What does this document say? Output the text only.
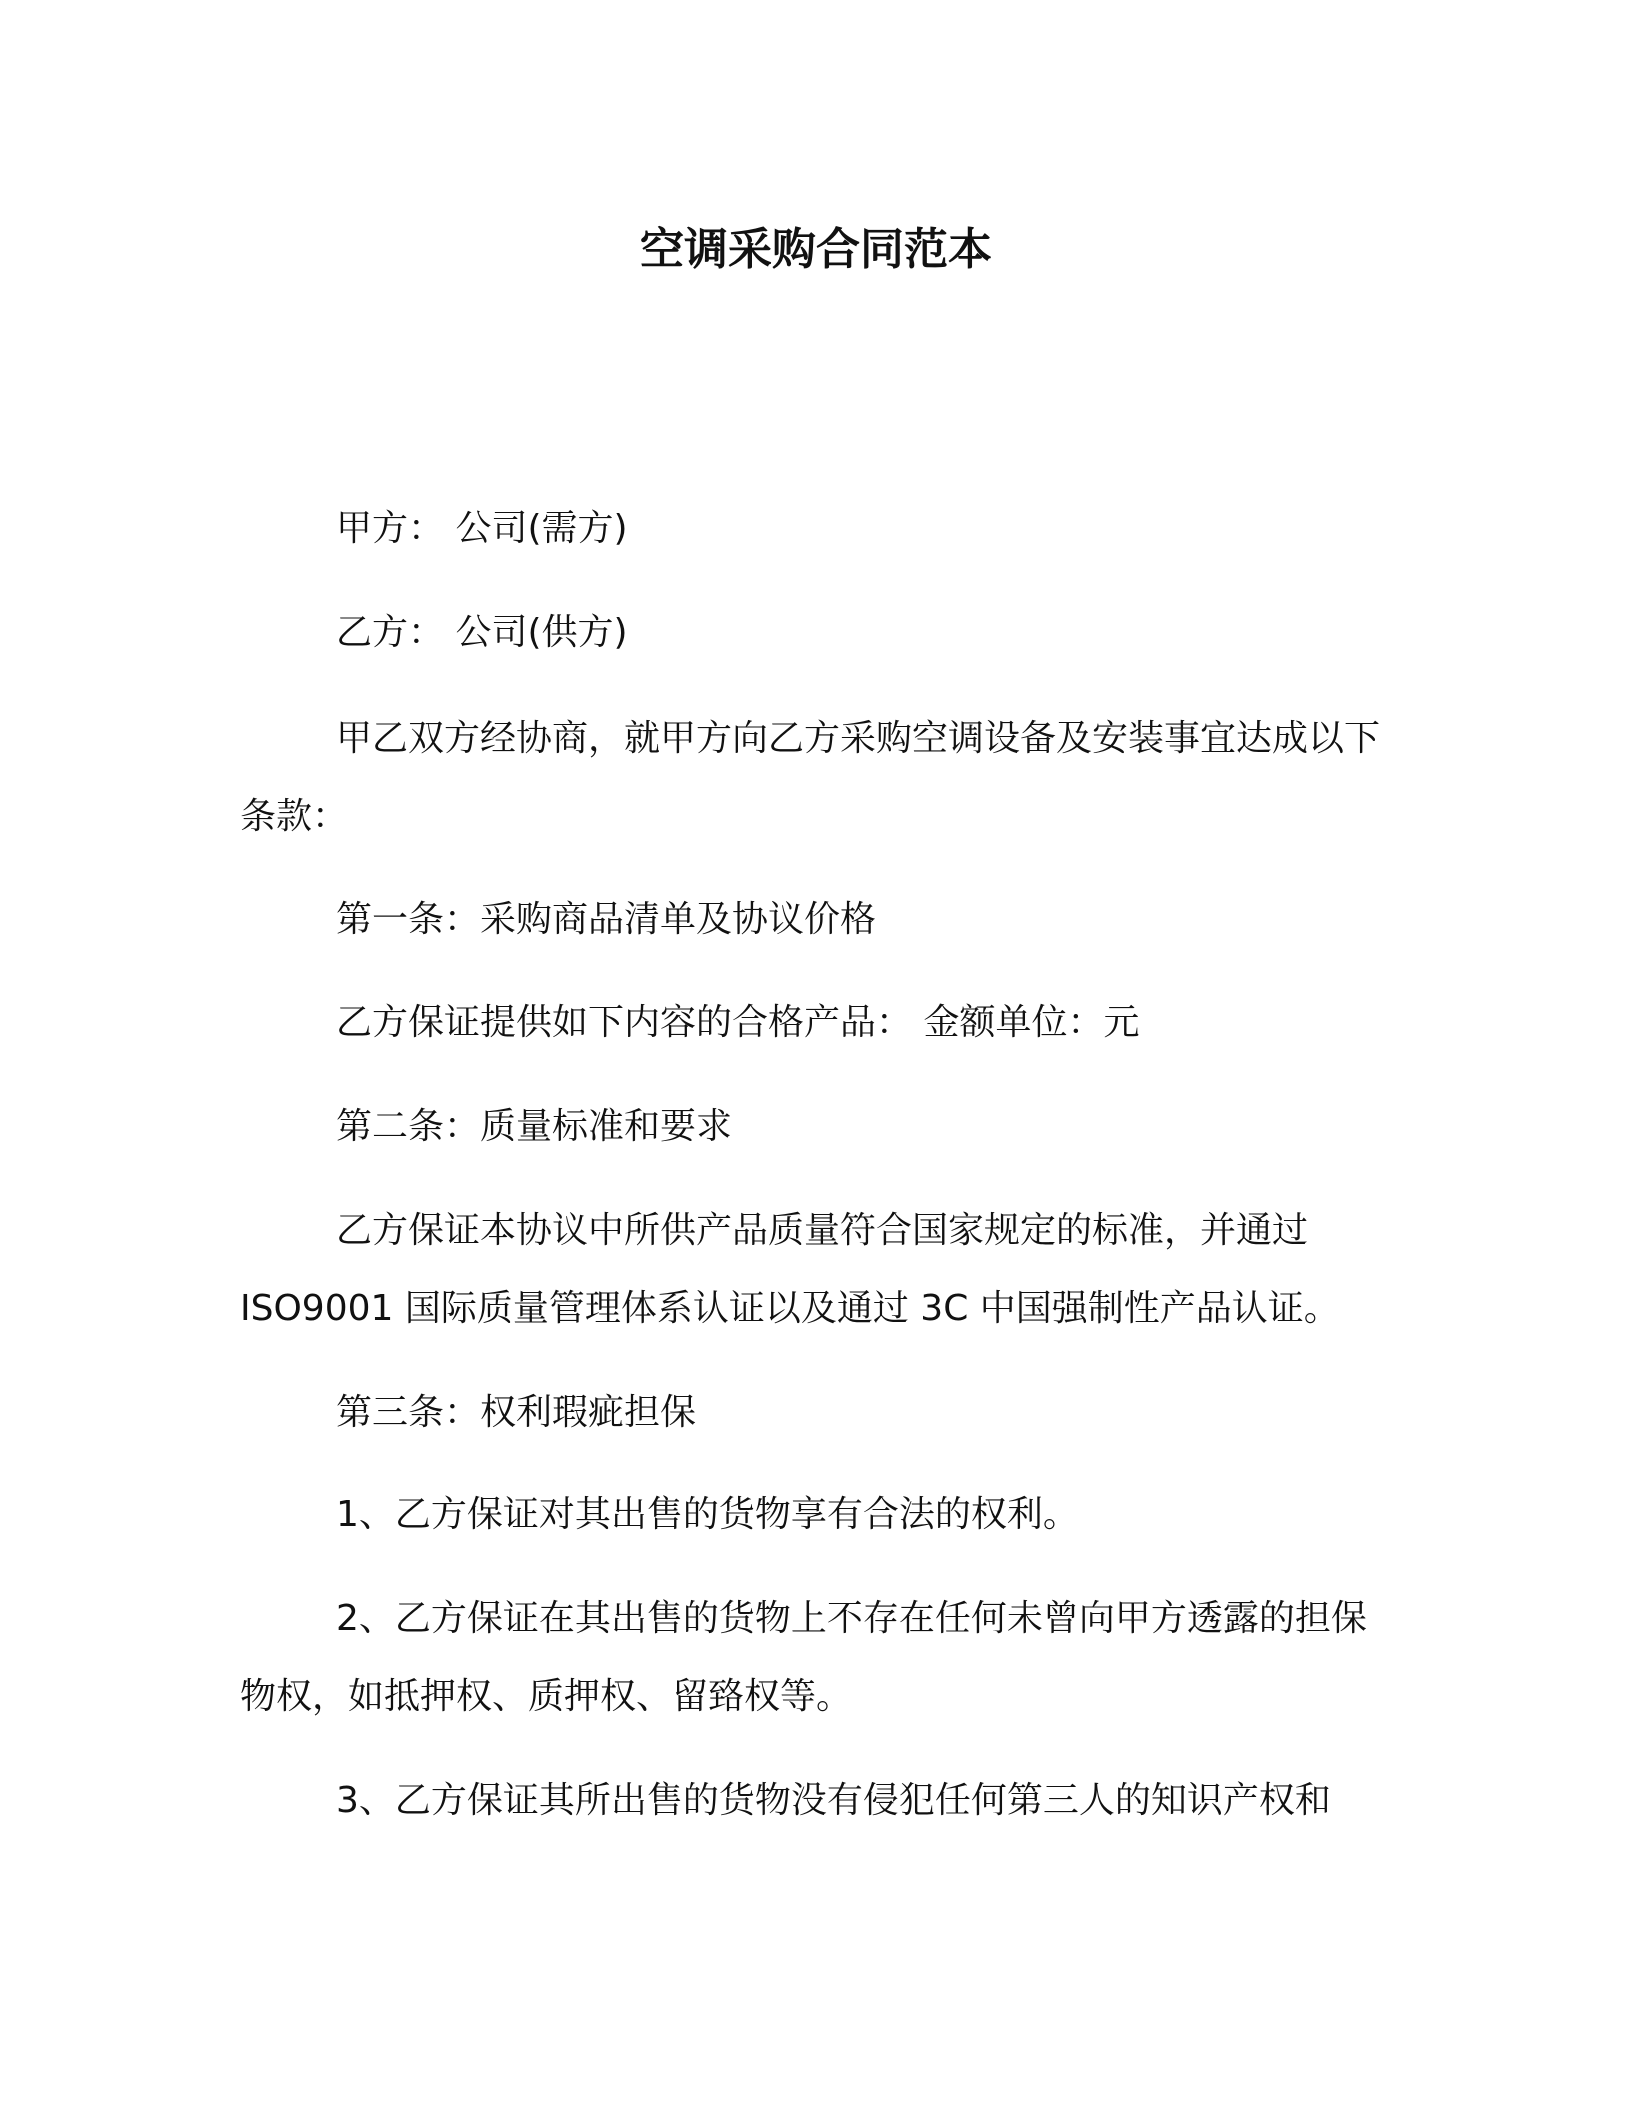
空调采购合同范本
甲方： 公司(需方)
乙方： 公司(供方)
甲乙双方经协商，就甲方向乙方采购空调设备及安装事宜达成以下条款：
第一条：采购商品清单及协议价格
乙方保证提供如下内容的合格产品： 金额单位：元
第二条：质量标准和要求
乙方保证本协议中所供产品质量符合国家规定的标准，并通过 ISO9001 国际质量管理体系认证以及通过 3C 中国强制性产品认证。
第三条：权利瑕疵担保
1、乙方保证对其出售的货物享有合法的权利。
2、乙方保证在其出售的货物上不存在任何未曾向甲方透露的担保物权，如抵押权、质押权、留臵权等。
3、乙方保证其所出售的货物没有侵犯任何第三人的知识产权和
